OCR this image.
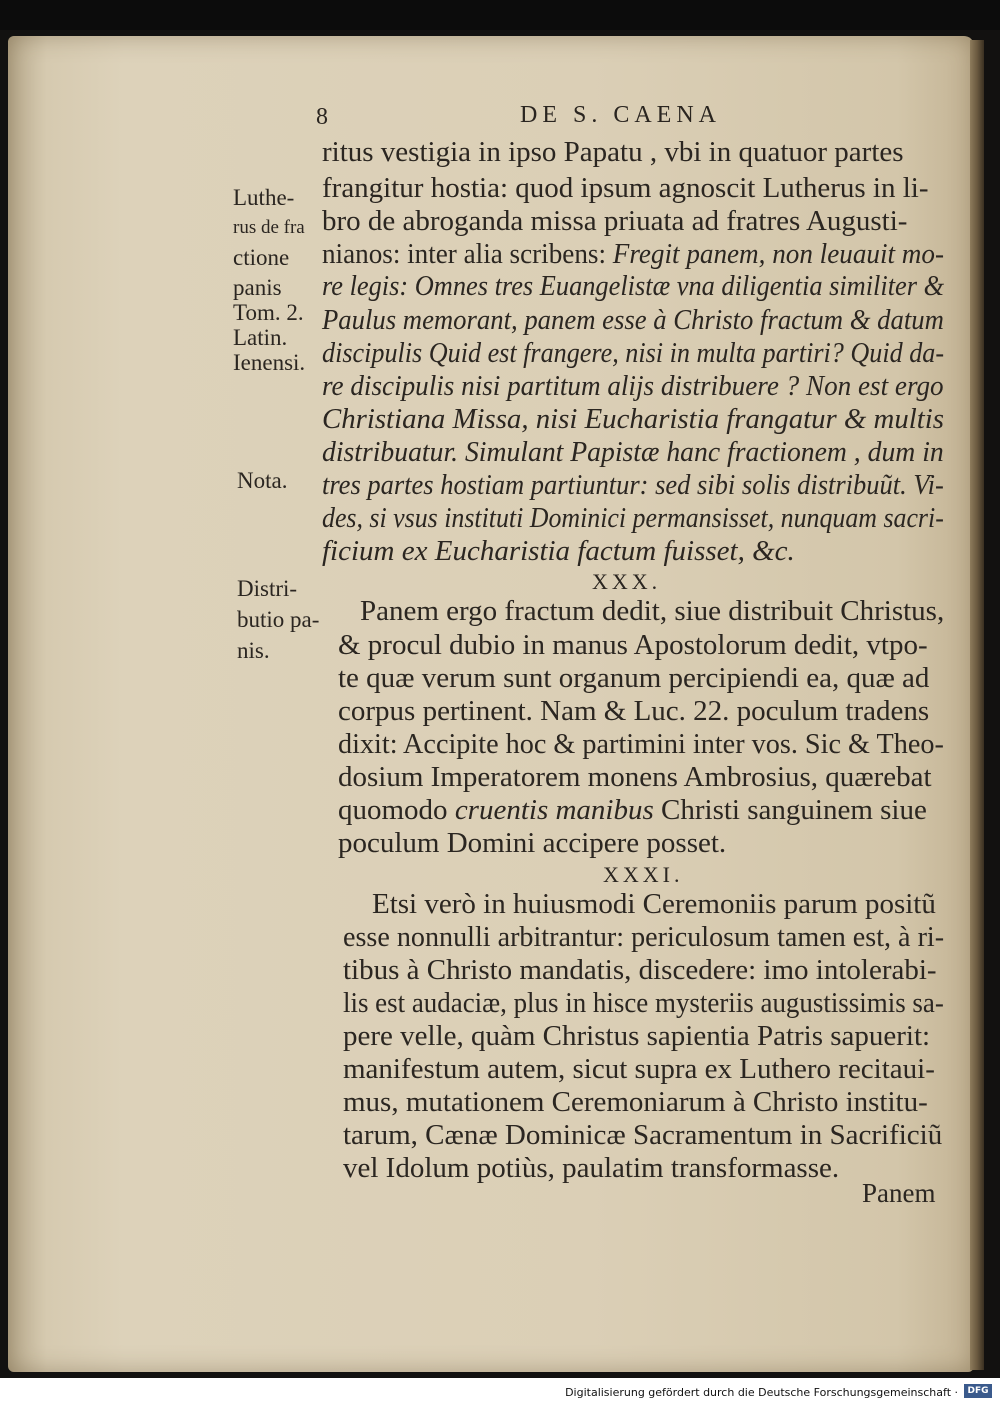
8	DE S. CAENA
Luthe-
rus de fra
ctione
panis
Tom. 2.
Latin.
Ienensi.
Nota.
Distri-
butio pa-
nis.
ritus vestigia in ipso Papatu , vbi in quatuor partes
frangitur hostia: quod ipsum agnoscit Lutherus in li-
bro de abroganda missa priuata ad fratres Augusti-
nianos: inter alia scribens: Fregit panem, non leuauit mo-
re legis: Omnes tres Euangelistæ vna diligentia similiter &
Paulus memorant, panem esse à Christo fractum & datum
discipulis Quid est frangere, nisi in multa partiri? Quid da-
re discipulis nisi partitum alijs distribuere ? Non est ergo
Christiana Missa, nisi Eucharistia frangatur & multis
distribuatur. Simulant Papistæ hanc fractionem , dum in
tres partes hostiam partiuntur: sed sibi solis distribuũt. Vi-
des, si vsus instituti Dominici permansisset, nunquam sacri-
ficium ex Eucharistia factum fuisset, &c.
XXX.
Panem ergo fractum dedit, siue distribuit Christus,
& procul dubio in manus Apostolorum dedit, vtpo-
te quæ verum sunt organum percipiendi ea, quæ ad
corpus pertinent. Nam & Luc. 22. poculum tradens
dixit: Accipite hoc & partimini inter vos. Sic & Theo-
dosium Imperatorem monens Ambrosius, quærebat
quomodo cruentis manibus Christi sanguinem siue
poculum Domini accipere posset.
XXXI.
Etsi verò in huiusmodi Ceremoniis parum positũ
esse nonnulli arbitrantur: periculosum tamen est, à ri-
tibus à Christo mandatis, discedere: imo intolerabi-
lis est audaciæ, plus in hisce mysteriis augustissimis sa-
pere velle, quàm Christus sapientia Patris sapuerit:
manifestum autem, sicut supra ex Luthero recitaui-
mus, mutationem Ceremoniarum à Christo institu-
tarum, Cænæ Dominicæ Sacramentum in Sacrificiũ
vel Idolum potiùs, paulatim transformasse.
Panem
Digitalisierung gefördert durch die Deutsche Forschungsgemeinschaft ·	DFG
